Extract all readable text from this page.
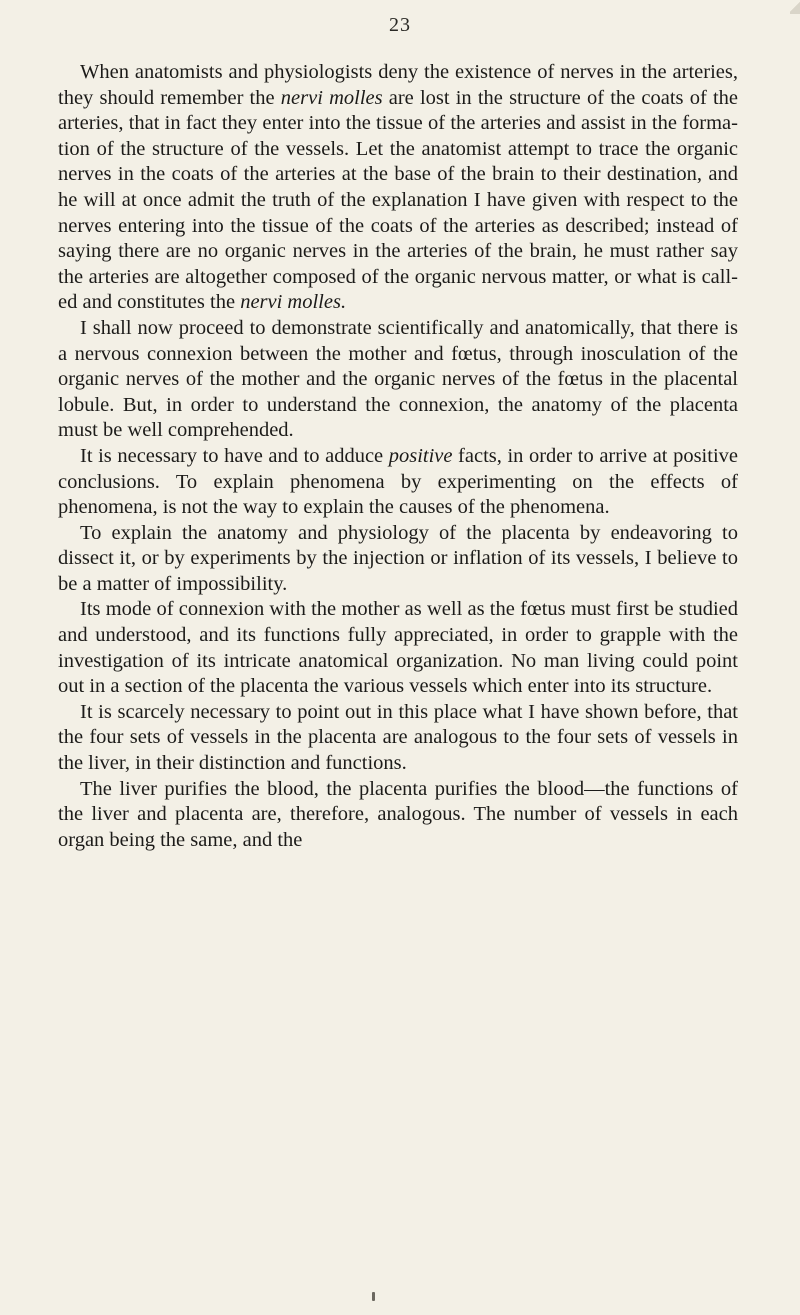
23

When anatomists and physiologists deny the existence of nerves in the arteries, they should remember the nervi molles are lost in the structure of the coats of the arteries, that in fact they enter into the tissue of the arteries and assist in the formation of the structure of the vessels. Let the anatomist attempt to trace the organic nerves in the coats of the arteries at the base of the brain to their destination, and he will at once admit the truth of the explanation I have given with respect to the nerves entering into the tissue of the coats of the arteries as described; instead of saying there are no organic nerves in the arteries of the brain, he must rather say the arteries are altogether composed of the organic nervous matter, or what is called and constitutes the nervi molles.

I shall now proceed to demonstrate scientifically and anatomically, that there is a nervous connexion between the mother and fœtus, through inosculation of the organic nerves of the mother and the organic nerves of the fœtus in the placental lobule. But, in order to understand the connexion, the anatomy of the placenta must be well comprehended.

It is necessary to have and to adduce positive facts, in order to arrive at positive conclusions. To explain phenomena by experimenting on the effects of phenomena, is not the way to explain the causes of the phenomena.

To explain the anatomy and physiology of the placenta by endeavoring to dissect it, or by experiments by the injection or inflation of its vessels, I believe to be a matter of impossibility.

Its mode of connexion with the mother as well as the fœtus must first be studied and understood, and its functions fully appreciated, in order to grapple with the investigation of its intricate anatomical organization. No man living could point out in a section of the placenta the various vessels which enter into its structure.

It is scarcely necessary to point out in this place what I have shown before, that the four sets of vessels in the placenta are analogous to the four sets of vessels in the liver, in their distinction and functions.

The liver purifies the blood, the placenta purifies the blood—the functions of the liver and placenta are, therefore, analogous. The number of vessels in each organ being the same, and the
